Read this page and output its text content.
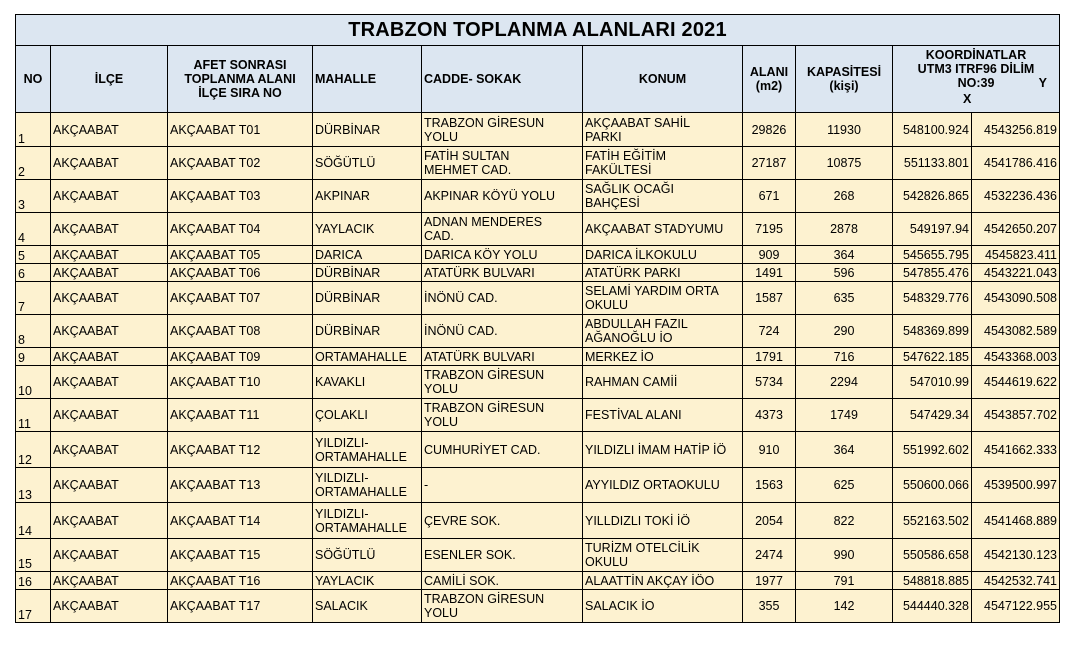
TRABZON TOPLANMA ALANLARI 2021									
NO	İLÇE	AFET SONRASI
TOPLANMA ALANI
İLÇE SIRA NO	MAHALLE	CADDE- SOKAK	KONUM	ALANI
(m2)	KAPASİTESİ
(kişi)	KOORDİNATLAR
UTM3 ITRF96 DİLİM
NO:39 Y
X	

1	AKÇAABAT	AKÇAABAT T01	DÜRBİNAR	TRABZON GİRESUN
YOLU	AKÇAABAT SAHİL
PARKI	29826	11930	548100.924	4543256.819
2	AKÇAABAT	AKÇAABAT T02	SÖĞÜTLÜ	FATİH SULTAN
MEHMET CAD.	FATİH EĞİTİM
FAKÜLTESİ	27187	10875	551133.801	4541786.416
3	AKÇAABAT	AKÇAABAT T03	AKPINAR	AKPINAR KÖYÜ YOLU	SAĞLIK OCAĞI
BAHÇESİ	671	268	542826.865	4532236.436
4	AKÇAABAT	AKÇAABAT T04	YAYLACIK	ADNAN MENDERES
CAD.	AKÇAABAT STADYUMU	7195	2878	549197.94	4542650.207
5	AKÇAABAT	AKÇAABAT T05	DARICA	DARICA KÖY YOLU	DARICA İLKOKULU	909	364	545655.795	4545823.411
6	AKÇAABAT	AKÇAABAT T06	DÜRBİNAR	ATATÜRK BULVARI	ATATÜRK PARKI	1491	596	547855.476	4543221.043
7	AKÇAABAT	AKÇAABAT T07	DÜRBİNAR	İNÖNÜ CAD.	SELAMİ YARDIM ORTA
OKULU	1587	635	548329.776	4543090.508
8	AKÇAABAT	AKÇAABAT T08	DÜRBİNAR	İNÖNÜ CAD.	ABDULLAH FAZIL
AĞANOĞLU İO	724	290	548369.899	4543082.589
9	AKÇAABAT	AKÇAABAT T09	ORTAMAHALLE	ATATÜRK BULVARI	MERKEZ İO	1791	716	547622.185	4543368.003
10	AKÇAABAT	AKÇAABAT T10	KAVAKLI	TRABZON GİRESUN
YOLU	RAHMAN CAMİİ	5734	2294	547010.99	4544619.622
11	AKÇAABAT	AKÇAABAT T11	ÇOLAKLI	TRABZON GİRESUN
YOLU	FESTİVAL ALANI	4373	1749	547429.34	4543857.702
12	AKÇAABAT	AKÇAABAT T12	YILDIZLI-
ORTAMAHALLE	CUMHURİYET CAD.	YILDIZLI İMAM HATİP İÖ	910	364	551992.602	4541662.333
13	AKÇAABAT	AKÇAABAT T13	YILDIZLI-
ORTAMAHALLE	-	AYYILDIZ ORTAOKULU	1563	625	550600.066	4539500.997
14	AKÇAABAT	AKÇAABAT T14	YILDIZLI-
ORTAMAHALLE	ÇEVRE SOK.	YILLDIZLI TOKİ İÖ	2054	822	552163.502	4541468.889
15	AKÇAABAT	AKÇAABAT T15	SÖĞÜTLÜ	ESENLER SOK.	TURİZM OTELCİLİK
OKULU	2474	990	550586.658	4542130.123
16	AKÇAABAT	AKÇAABAT T16	YAYLACIK	CAMİLİ SOK.	ALAATTİN AKÇAY İÖO	1977	791	548818.885	4542532.741
17	AKÇAABAT	AKÇAABAT T17	SALACIK	TRABZON GİRESUN
YOLU	SALACIK İO	355	142	544440.328	4547122.955
